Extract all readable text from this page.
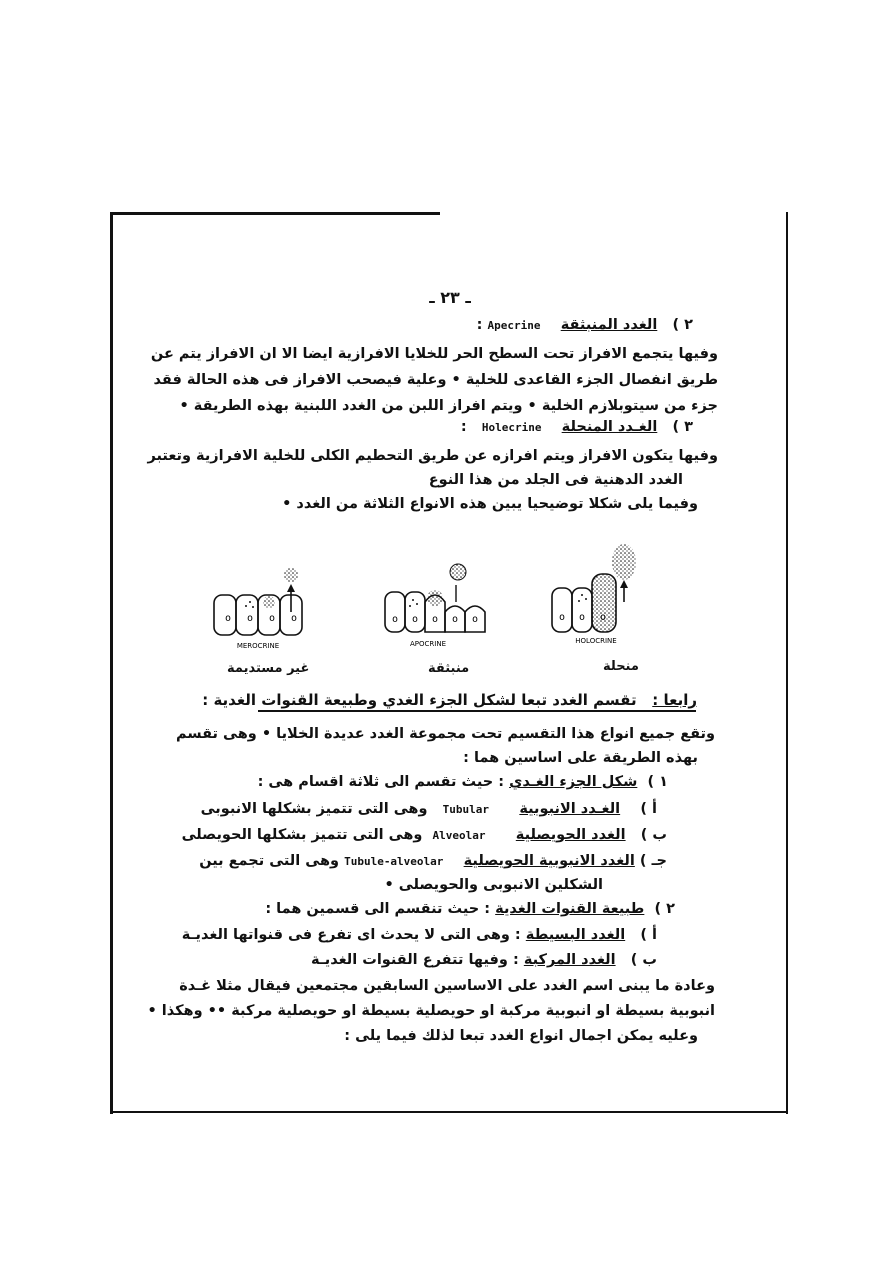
ـ ٢٣ ـ
٢ )   الغدد المنبثقة    Apecrine :
وفيها يتجمع الافراز تحت السطح الحر للخلايا الافرازية ايضا الا ان الافراز يتم عن
طريق انفصال الجزء القاعدى للخلية • وعلية فيصحب الافراز فى هذه الحالة فقد
جزء من سيتوبلازم الخلية • ويتم افراز اللبن من الغدد اللبنية بهذه الطريقة •
٣ )   الغـدد المنحلة    Holecrine   :
وفيها يتكون الافراز ويتم افرازه عن طريق التحطيم الكلى للخلية الافرازية وتعتبر
الغدد الدهنية فى الجلد من هذا النوع
وفيما يلى شكلا توضيحيا يبين هذه الانواع الثلاثة من الغدد •
o o o o
MEROCRINE
o o o o o
APOCRINE
o o o
HOLOCRINE
غير مستديمة	منبثقة	منحلة
رابعا :   تقسم الغدد تبعا لشكل الجزء الغدي وطبيعة القنوات الغدية :
وتقع جميع انواع هذا التقسيم تحت مجموعة الغدد عديدة الخلايا • وهى تقسم
بهذه الطريقة على اساسين هما :
١ )  شكل الجزء الغـدي : حيث تقسم الى ثلاثة اقسام هى :
أ )    الغـدد الانبوبية      Tubular   وهى التى تتميز بشكلها الانبوبى
ب )   الغدد الحويصلية      Alveolar  وهى التى تتميز بشكلها الحويصلى
جـ ) الغدد الانبوبية الحويصلية    Tubule-alveolar وهى التى تجمع بين
الشكلين الانبوبى والحويصلى •
٢ )  طبيعة القنوات الغدية : حيث تنقسم الى قسمين هما :
أ )   الغدد البسيطة : وهى التى لا يحدث اى تفرع فى قنواتها الغديـة
ب )   الغدد المركبة : وفيها تتفرع القنوات الغديـة
وعادة ما يبنى اسم الغدد على الاساسين السابقين مجتمعين فيقال مثلا غـدة
انبوبية بسيطة او انبوبية مركبة او حويصلية بسيطة او حويصلية مركبة •• وهكذا •
وعليه يمكن اجمال انواع الغدد تبعا لذلك فيما يلى :
